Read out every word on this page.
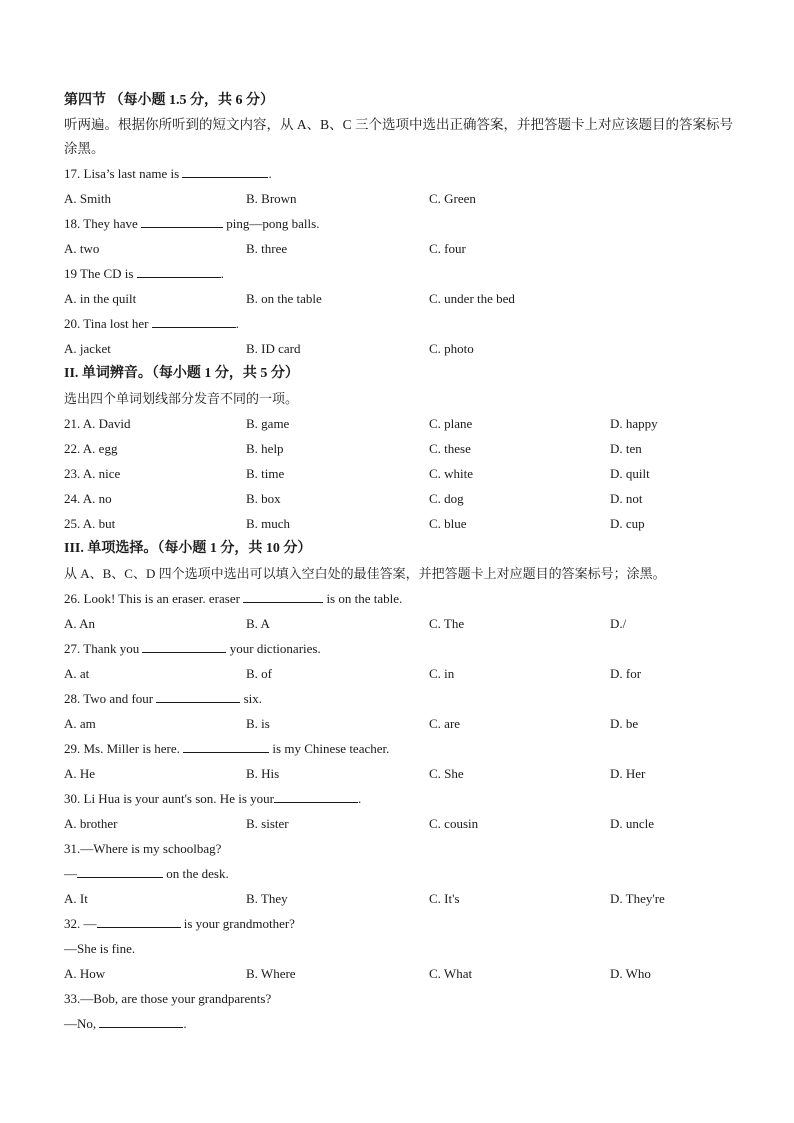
第四节 （每小题 1.5 分，共 6 分）
听两遍。根据你所听到的短文内容，从 A、B、C 三个选项中选出正确答案，并把答题卡上对应该题目的答案标号涂黑。
17. Lisa’s last name is	.
A. Smith	B. Brown	C. Green
18. They have	ping—pong balls.
A. two	B. three	C. four
19 The CD is	.
A. in the quilt	B. on the table	C. under the bed
20. Tina lost her	.
A. jacket	B. ID card	C. photo
II. 单词辨音。（每小题 1 分，共 5 分）
选出四个单词划线部分发音不同的一项。
21. A. David	B. game	C. plane	D. happy
22. A. egg	B. help	C. these	D. ten
23. A. nice	B. time	C. white	D. quilt
24. A. no	B. box	C. dog	D. not
25. A. but	B. much	C. blue	D. cup
III. 单项选择。（每小题 1 分，共 10 分）
从 A、B、C、D 四个选项中选出可以填入空白处的最佳答案，并把答题卡上对应题目的答案标号；涂黑。
26. Look! This is an eraser. eraser	is on the table.
A. An	B. A	C. The	D./
27. Thank you	your dictionaries.
A. at	B. of	C. in	D. for
28. Two and four	six.
A. am	B. is	C. are	D. be
29. Ms. Miller is here.	is my Chinese teacher.
A. He	B. His	C. She	D. Her
30. Li Hua is your aunt's son. He is your	.
A. brother	B. sister	C. cousin	D. uncle
31.—Where is my schoolbag?
—	on the desk.
A. It	B. They	C. It's	D. They're
32. —	is your grandmother?
—She is fine.
A. How	B. Where	C. What	D. Who
33.—Bob, are those your grandparents?
—No,	.
